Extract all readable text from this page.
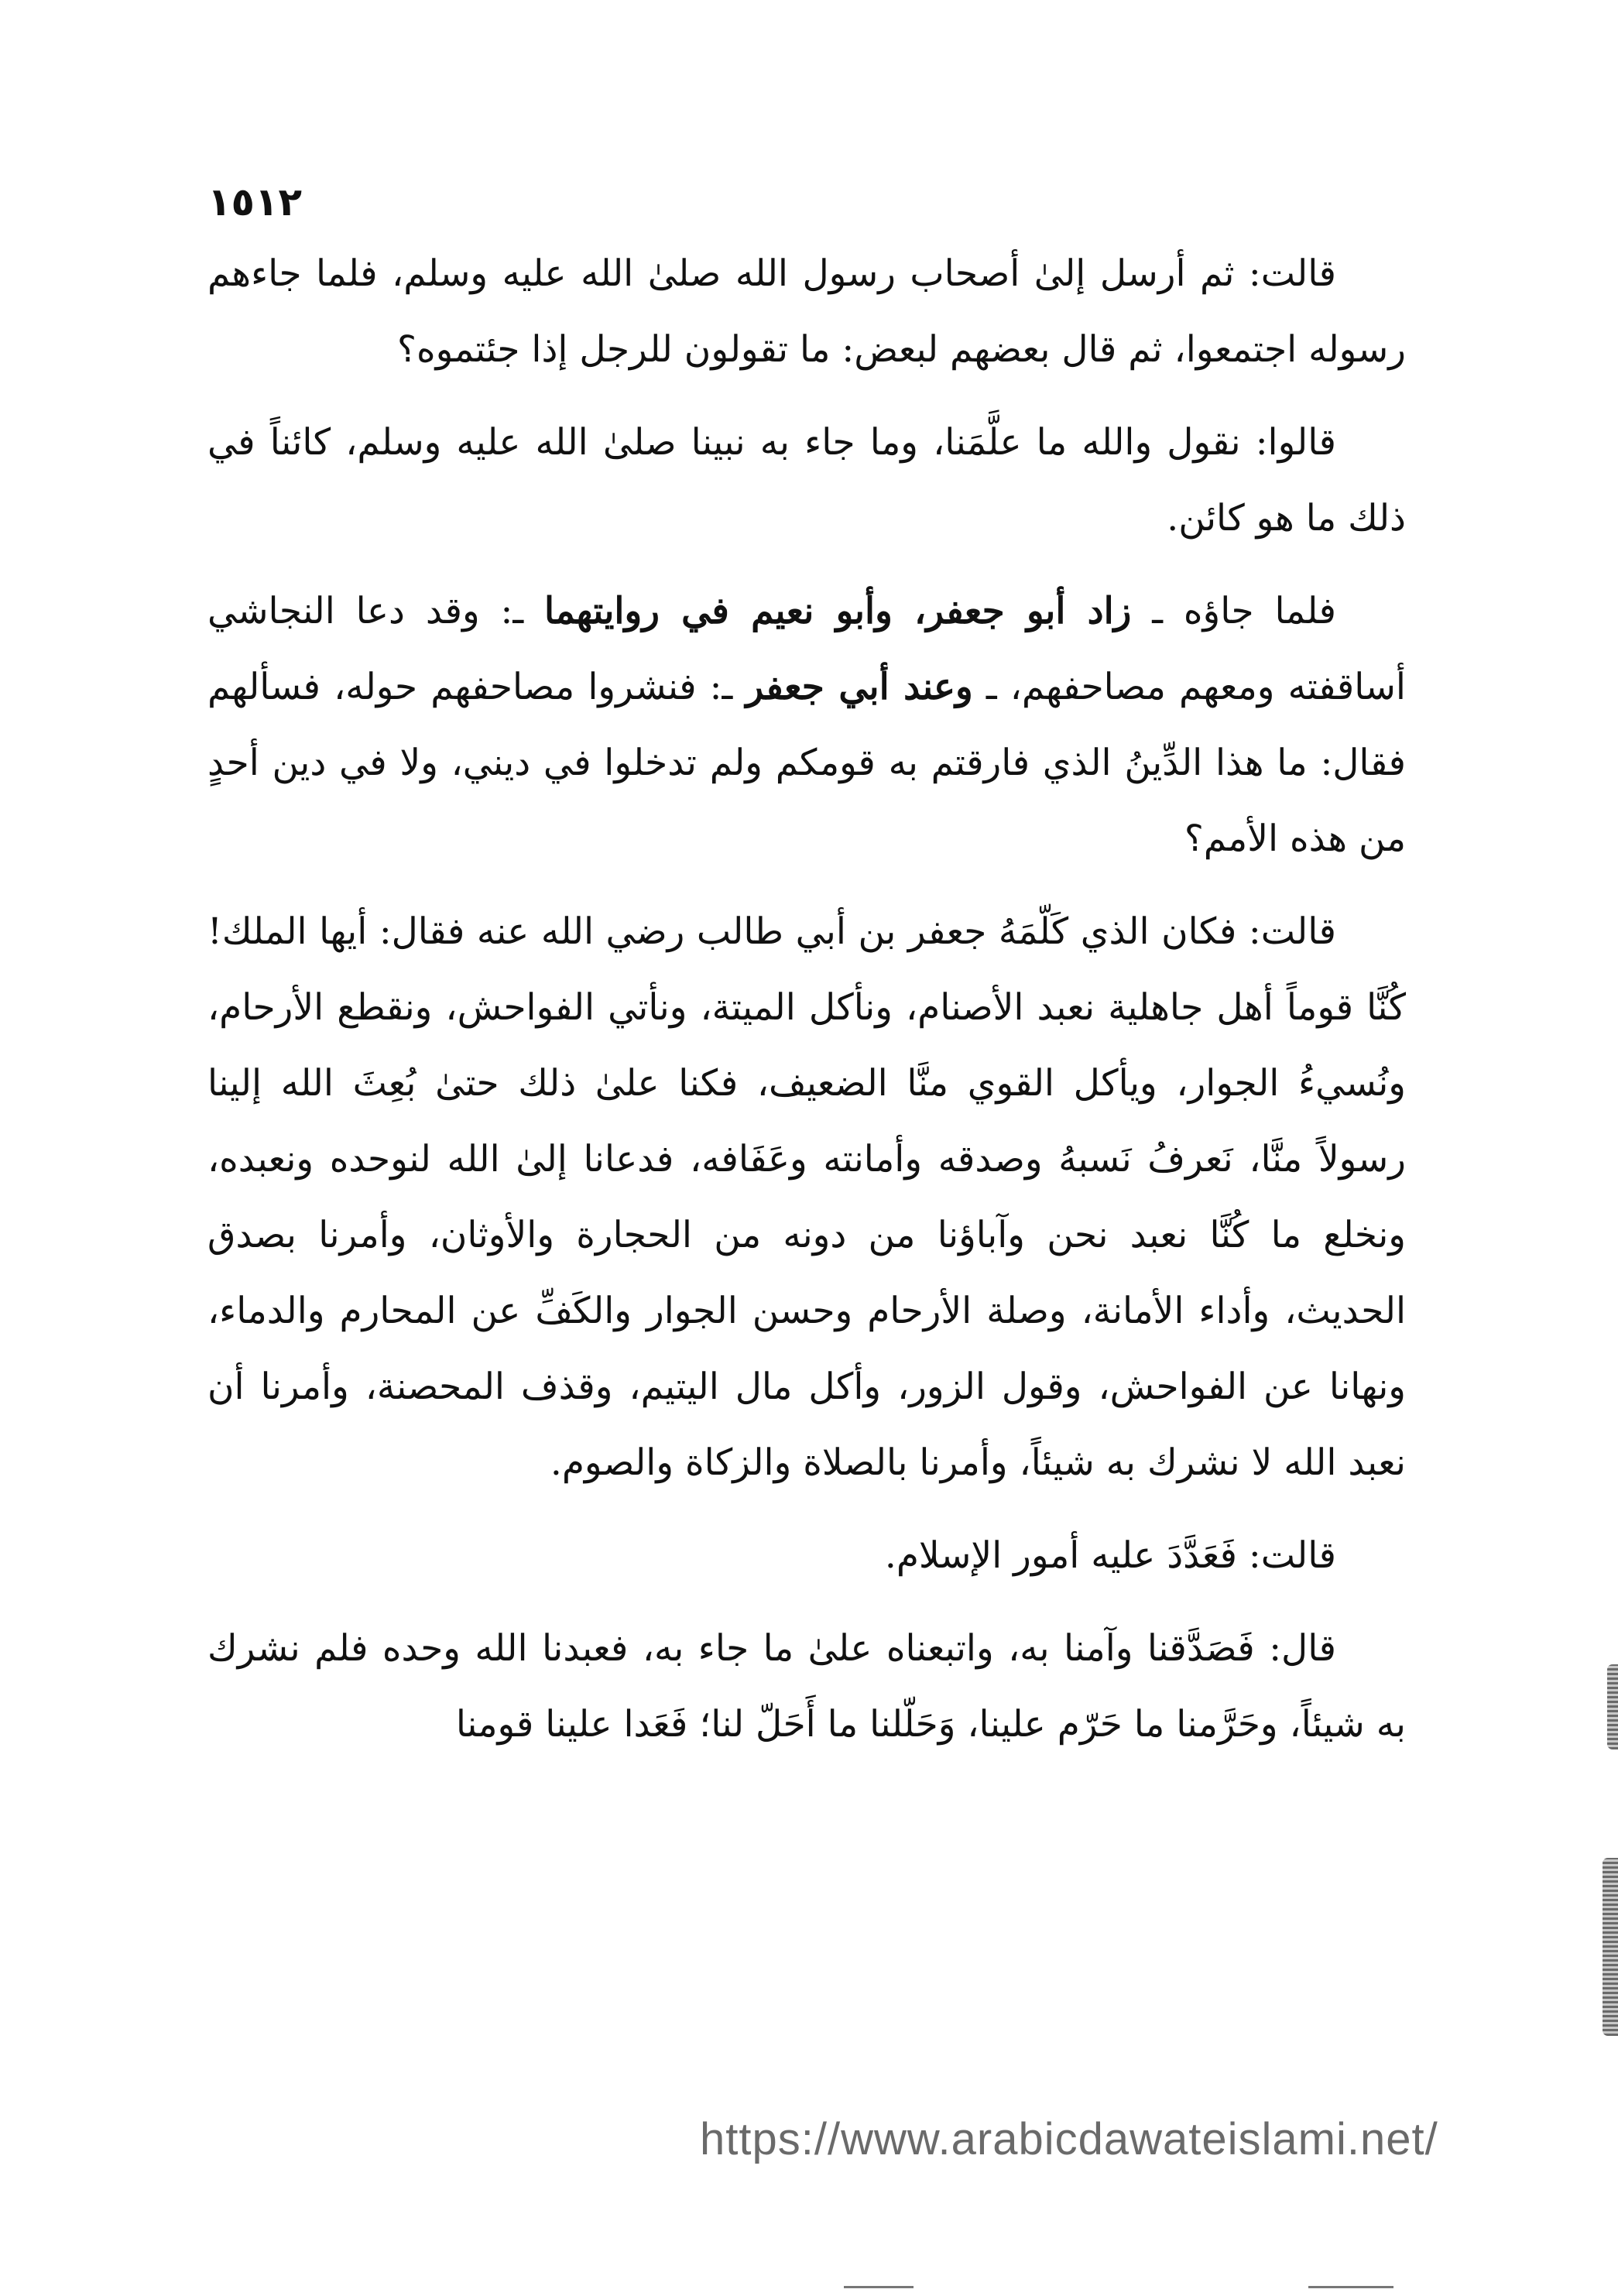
١٥١٢

قالت: ثم أرسل إلىٰ أصحاب رسول الله صلىٰ الله عليه وسلم، فلما جاءهم رسوله اجتمعوا، ثم قال بعضهم لبعض: ما تقولون للرجل إذا جئتموه؟

قالوا: نقول والله ما علَّمَنا، وما جاء به نبينا صلىٰ الله عليه وسلم، كائناً في ذلك ما هو كائن.

فلما جاؤه ـ زاد أبو جعفر، وأبو نعيم في روايتهما ـ: وقد دعا النجاشي أساقفته ومعهم مصاحفهم، ـ وعند أبي جعفر ـ: فنشروا مصاحفهم حوله، فسألهم فقال: ما هذا الدِّينُ الذي فارقتم به قومكم ولم تدخلوا في ديني، ولا في دين أحدٍ من هذه الأمم؟

قالت: فكان الذي كَلّمَهُ جعفر بن أبي طالب رضي الله عنه فقال: أيها الملك! كُنَّا قوماً أهل جاهلية نعبد الأصنام، ونأكل الميتة، ونأتي الفواحش، ونقطع الأرحام، ونُسيءُ الجوار، ويأكل القوي منَّا الضعيف، فكنا علىٰ ذلك حتىٰ بُعِثَ الله إلينا رسولاً منَّا، نَعرفُ نَسبهُ وصدقه وأمانته وعَفَافه، فدعانا إلىٰ الله لنوحده ونعبده، ونخلع ما كُنَّا نعبد نحن وآباؤنا من دونه من الحجارة والأوثان، وأمرنا بصدق الحديث، وأداء الأمانة، وصلة الأرحام وحسن الجوار والكَفِّ عن المحارم والدماء، ونهانا عن الفواحش، وقول الزور، وأكل مال اليتيم، وقذف المحصنة، وأمرنا أن نعبد الله لا نشرك به شيئاً، وأمرنا بالصلاة والزكاة والصوم.

قالت: فَعَدَّدَ عليه أمور الإسلام.

قال: فَصَدَّقنا وآمنا به، واتبعناه علىٰ ما جاء به، فعبدنا الله وحده فلم نشرك به شيئاً، وحَرَّمنا ما حَرّم علينا، وَحَلّلنا ما أَحَلّ لنا؛ فَعَدا علينا قومنا

https://www.arabicdawateislami.net/
